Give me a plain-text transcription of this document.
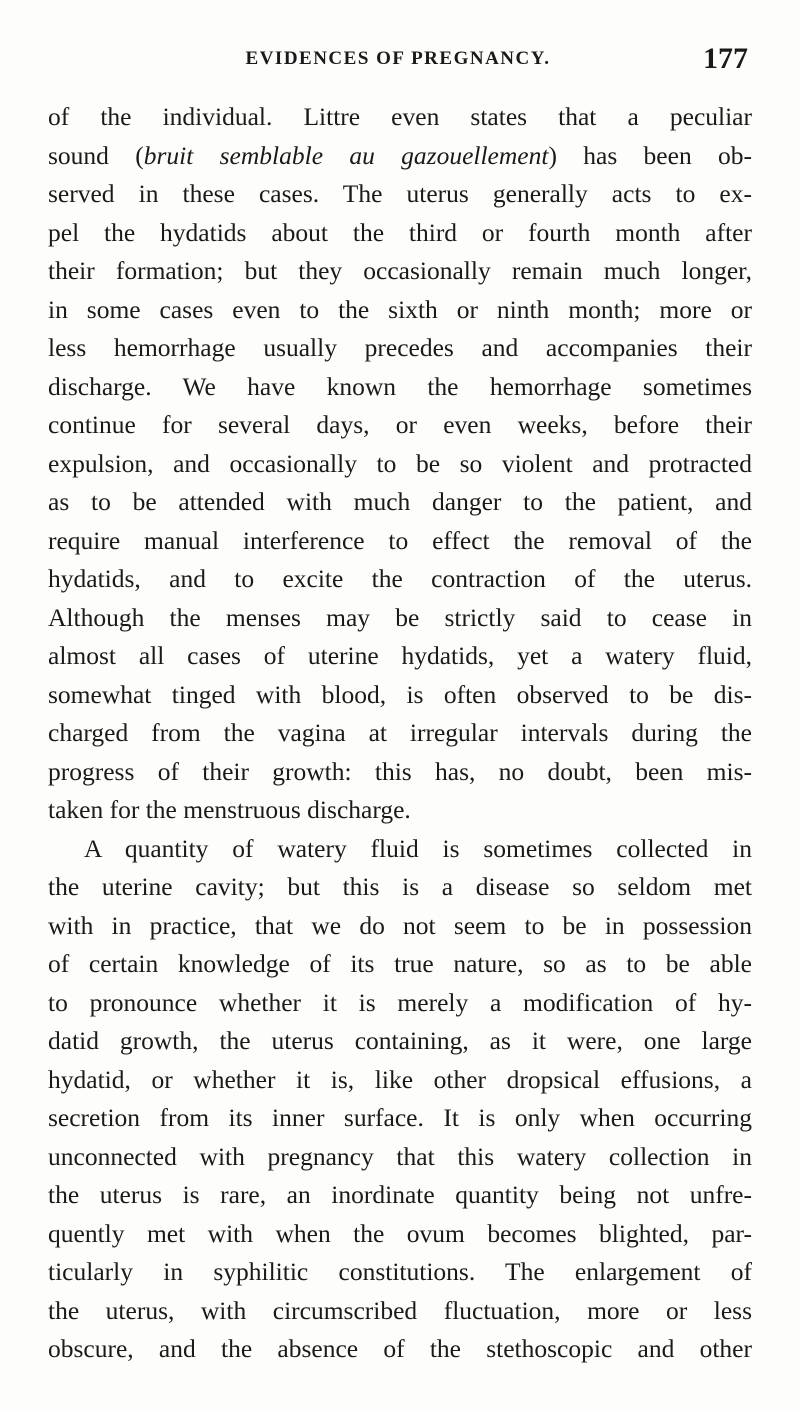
EVIDENCES OF PREGNANCY.	177
of the individual. Littre even states that a peculiar
sound (bruit semblable au gazouellement) has been ob-
served in these cases. The uterus generally acts to ex-
pel the hydatids about the third or fourth month after
their formation; but they occasionally remain much longer,
in some cases even to the sixth or ninth month; more or
less hemorrhage usually precedes and accompanies their
discharge. We have known the hemorrhage sometimes
continue for several days, or even weeks, before their
expulsion, and occasionally to be so violent and protracted
as to be attended with much danger to the patient, and
require manual interference to effect the removal of the
hydatids, and to excite the contraction of the uterus.
Although the menses may be strictly said to cease in
almost all cases of uterine hydatids, yet a watery fluid,
somewhat tinged with blood, is often observed to be dis-
charged from the vagina at irregular intervals during the
progress of their growth: this has, no doubt, been mis-
taken for the menstruous discharge.
A quantity of watery fluid is sometimes collected in
the uterine cavity; but this is a disease so seldom met
with in practice, that we do not seem to be in possession
of certain knowledge of its true nature, so as to be able
to pronounce whether it is merely a modification of hy-
datid growth, the uterus containing, as it were, one large
hydatid, or whether it is, like other dropsical effusions, a
secretion from its inner surface. It is only when occurring
unconnected with pregnancy that this watery collection in
the uterus is rare, an inordinate quantity being not unfre-
quently met with when the ovum becomes blighted, par-
ticularly in syphilitic constitutions. The enlargement of
the uterus, with circumscribed fluctuation, more or less
obscure, and the absence of the stethoscopic and other
